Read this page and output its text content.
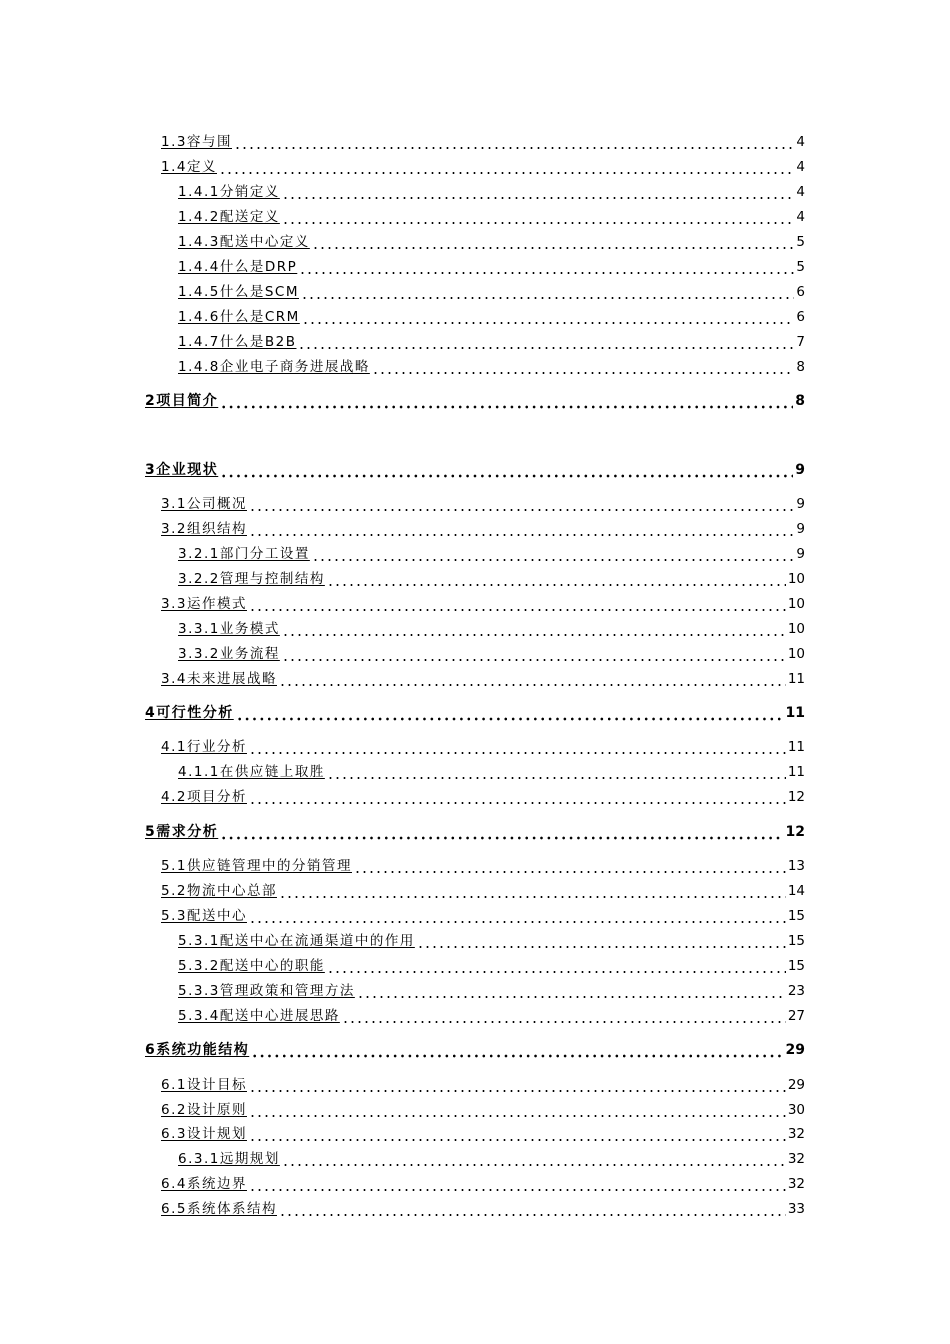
1.3容与围	4
1.4定义	4
1.4.1分销定义	4
1.4.2配送定义	4
1.4.3配送中心定义	5
1.4.4什么是DRP	5
1.4.5什么是SCM	6
1.4.6什么是CRM	6
1.4.7什么是B2B	7
1.4.8企业电子商务进展战略	8
2项目简介	8
3企业现状	9
3.1公司概况	9
3.2组织结构	9
3.2.1部门分工设置	9
3.2.2管理与控制结构	10
3.3运作模式	10
3.3.1业务模式	10
3.3.2业务流程	10
3.4未来进展战略	11
4可行性分析	11
4.1行业分析	11
4.1.1在供应链上取胜	11
4.2项目分析	12
5需求分析	12
5.1供应链管理中的分销管理	13
5.2物流中心总部	14
5.3配送中心	15
5.3.1配送中心在流通渠道中的作用	15
5.3.2配送中心的职能	15
5.3.3管理政策和管理方法	23
5.3.4配送中心进展思路	27
6系统功能结构	29
6.1设计目标	29
6.2设计原则	30
6.3设计规划	32
6.3.1远期规划	32
6.4系统边界	32
6.5系统体系结构	33
